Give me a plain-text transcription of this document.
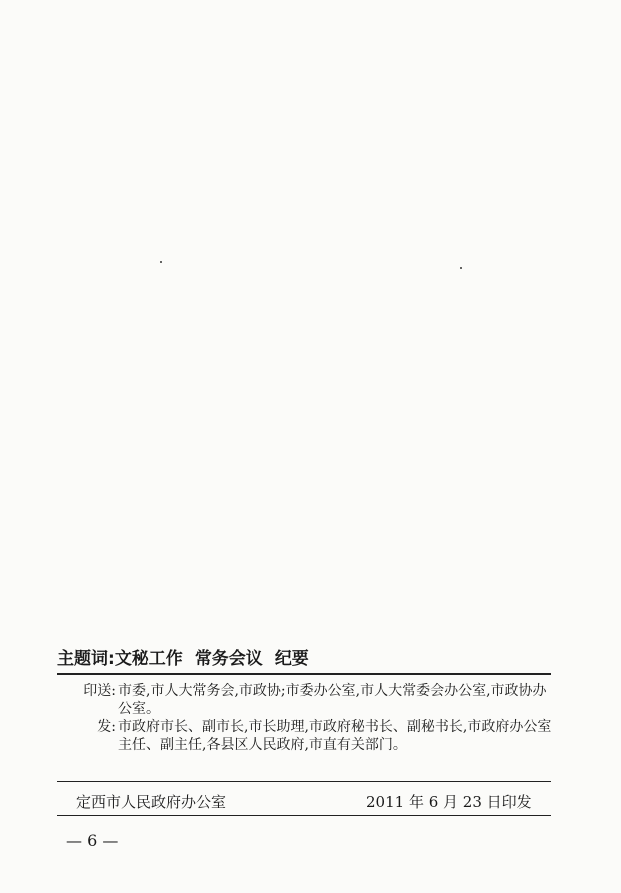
主题词:文秘工作 常务会议 纪要
印送: 市委,市人大常务会,市政协;市委办公室,市人大常委会办公室,市政协办公室。
发: 市政府市长、副市长,市长助理,市政府秘书长、副秘书长,市政府办公室主任、副主任,各县区人民政府,市直有关部门。
定西市人民政府办公室	2011 年 6 月 23 日印发
— 6 —
